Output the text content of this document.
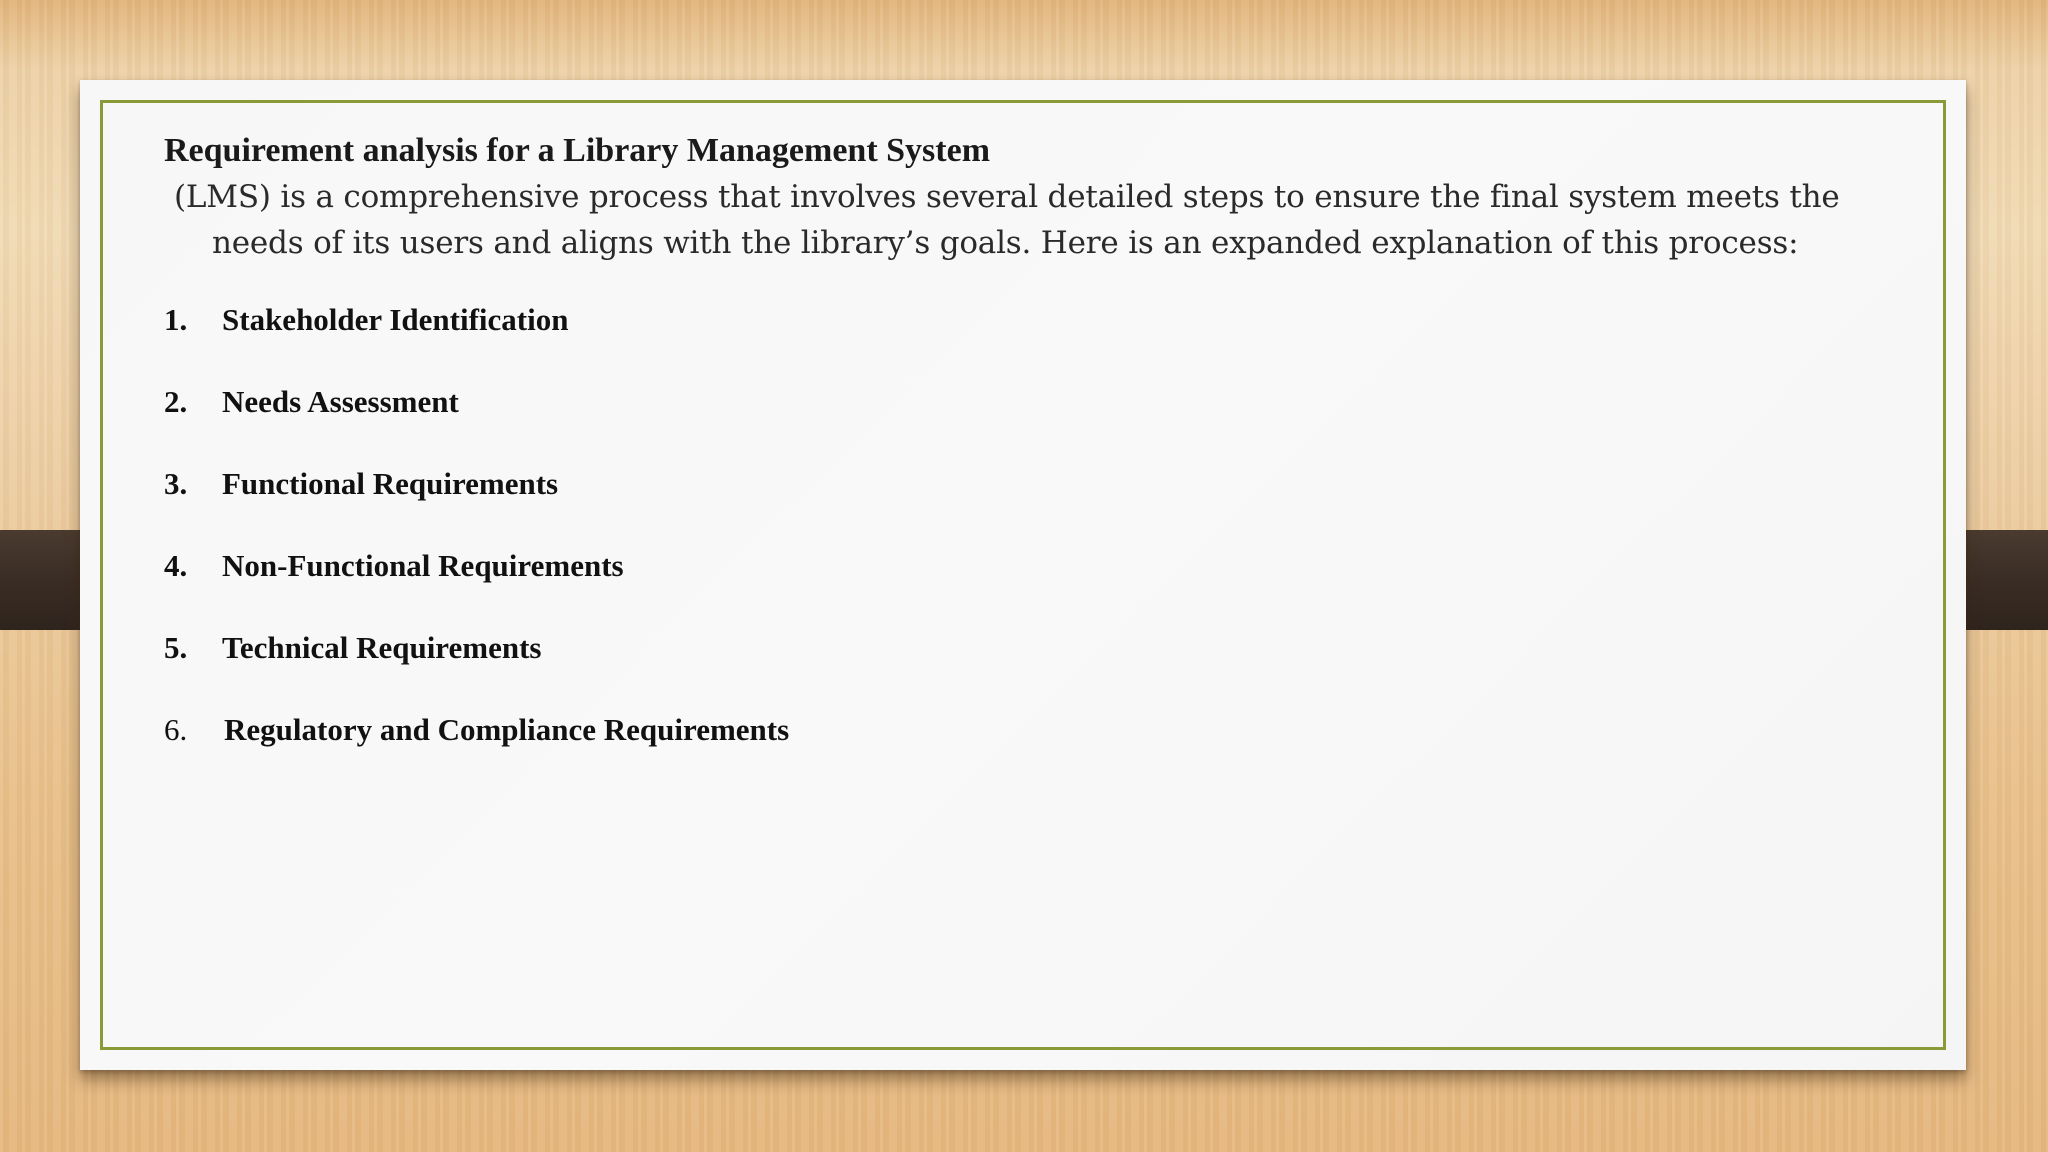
Requirement analysis for a Library Management System

(LMS) is a comprehensive process that involves several detailed steps to ensure the final system meets the needs of its users and aligns with the library’s goals. Here is an expanded explanation of this process:

1.	Stakeholder Identification
2.	Needs Assessment
3.	Functional Requirements
4.	Non-Functional Requirements
5.	Technical Requirements
6.	Regulatory and Compliance Requirements
